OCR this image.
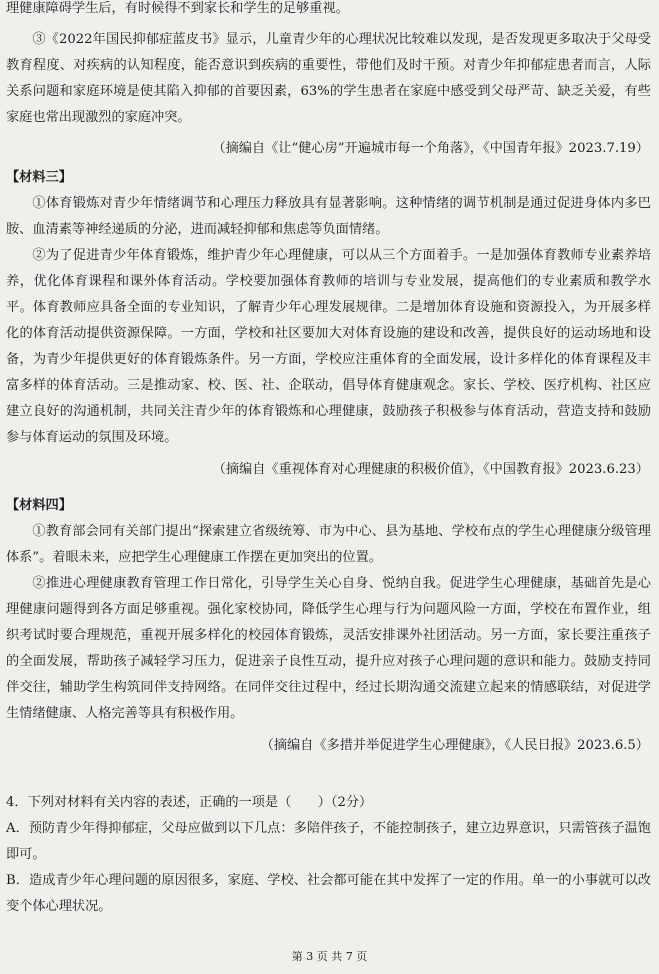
理健康障碍学生后，有时候得不到家长和学生的足够重视。

③《2022年国民抑郁症蓝皮书》显示，儿童青少年的心理状况比较难以发现，是否发现更多取决于父母受教育程度、对疾病的认知程度，能否意识到疾病的重要性，带他们及时干预。对青少年抑郁症患者而言，人际关系问题和家庭环境是使其陷入抑郁的首要因素，63%的学生患者在家庭中感受到父母严苛、缺乏关爱，有些家庭也常出现激烈的家庭冲突。

（摘编自《让“健心房”开遍城市每一个角落》，《中国青年报》2023.7.19）

【材料三】

①体育锻炼对青少年情绪调节和心理压力释放具有显著影响。这种情绪的调节机制是通过促进身体内多巴胺、血清素等神经递质的分泌，进而减轻抑郁和焦虑等负面情绪。

②为了促进青少年体育锻炼，维护青少年心理健康，可以从三个方面着手。一是加强体育教师专业素养培养，优化体育课程和课外体育活动。学校要加强体育教师的培训与专业发展，提高他们的专业素质和教学水平。体育教师应具备全面的专业知识，了解青少年心理发展规律。二是增加体育设施和资源投入，为开展多样化的体育活动提供资源保障。一方面，学校和社区要加大对体育设施的建设和改善，提供良好的运动场地和设备，为青少年提供更好的体育锻炼条件。另一方面，学校应注重体育的全面发展，设计多样化的体育课程及丰富多样的体育活动。三是推动家、校、医、社、企联动，倡导体育健康观念。家长、学校、医疗机构、社区应建立良好的沟通机制，共同关注青少年的体育锻炼和心理健康，鼓励孩子积极参与体育活动，营造支持和鼓励参与体育运动的氛围及环境。

（摘编自《重视体育对心理健康的积极价值》，《中国教育报》2023.6.23）

【材料四】

①教育部会同有关部门提出“探索建立省级统筹、市为中心、县为基地、学校布点的学生心理健康分级管理体系”。着眼未来，应把学生心理健康工作摆在更加突出的位置。

②推进心理健康教育管理工作日常化，引导学生关心自身、悦纳自我。促进学生心理健康，基础首先是心理健康问题得到各方面足够重视。强化家校协同，降低学生心理与行为问题风险一方面，学校在布置作业，组织考试时要合理规范，重视开展多样化的校园体育锻炼，灵活安排课外社团活动。另一方面，家长要注重孩子的全面发展，帮助孩子减轻学习压力，促进亲子良性互动，提升应对孩子心理问题的意识和能力。鼓励支持同伴交往，辅助学生构筑同伴支持网络。在同伴交往过程中，经过长期沟通交流建立起来的情感联结，对促进学生情绪健康、人格完善等具有积极作用。

（摘编自《多措并举促进学生心理健康》，《人民日报》2023.6.5）

4．下列对材料有关内容的表述，正确的一项是（　　）（2分）

A．预防青少年得抑郁症，父母应做到以下几点：多陪伴孩子，不能控制孩子，建立边界意识，只需管孩子温饱即可。

B．造成青少年心理问题的原因很多，家庭、学校、社会都可能在其中发挥了一定的作用。单一的小事就可以改变个体心理状况。

第 3 页 共 7 页
